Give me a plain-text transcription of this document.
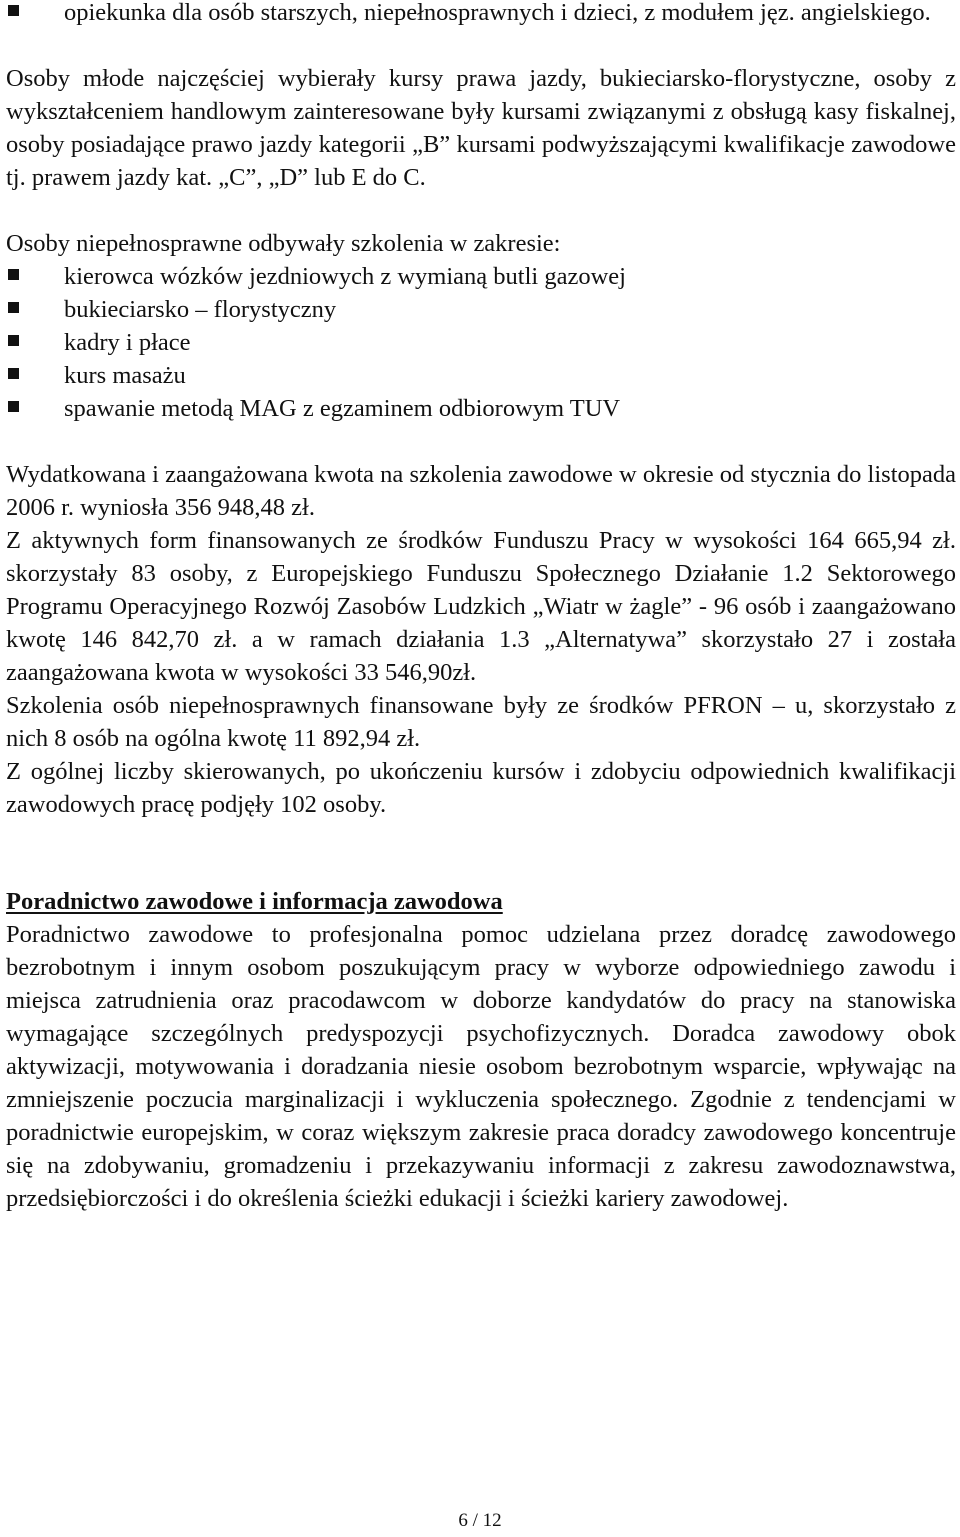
opiekunka dla osób starszych, niepełnosprawnych i dzieci, z modułem jęz. angielskiego.

Osoby młode najczęściej wybierały kursy prawa jazdy, bukieciarsko-florystyczne, osoby z wykształceniem handlowym zainteresowane były kursami związanymi z obsługą kasy fiskalnej, osoby posiadające prawo jazdy kategorii „B” kursami podwyższającymi kwalifikacje zawodowe tj. prawem jazdy kat. „C”, „D” lub E do C.

Osoby niepełnosprawne odbywały szkolenia w zakresie:

kierowca wózków jezdniowych z wymianą butli gazowej
bukieciarsko – florystyczny
kadry i płace
kurs masażu
spawanie metodą MAG z egzaminem odbiorowym TUV

Wydatkowana i zaangażowana kwota na szkolenia zawodowe w okresie od stycznia do listopada 2006 r. wyniosła 356 948,48 zł.

Z aktywnych form finansowanych ze środków Funduszu Pracy w wysokości 164 665,94 zł. skorzystały 83 osoby, z Europejskiego Funduszu Społecznego Działanie 1.2 Sektorowego Programu Operacyjnego Rozwój Zasobów Ludzkich „Wiatr w żagle” - 96 osób i zaangażowano kwotę 146 842,70 zł. a w ramach działania 1.3 „Alternatywa” skorzystało 27 i została zaangażowana kwota w wysokości 33 546,90zł.

Szkolenia osób niepełnosprawnych finansowane były ze środków PFRON – u, skorzystało z nich 8 osób na ogólna kwotę 11 892,94 zł.

Z ogólnej liczby skierowanych, po ukończeniu kursów i zdobyciu odpowiednich kwalifikacji zawodowych pracę podjęły 102 osoby.

Poradnictwo zawodowe i informacja zawodowa

Poradnictwo zawodowe to profesjonalna pomoc udzielana przez doradcę zawodowego bezrobotnym i innym osobom poszukującym pracy w wyborze odpowiedniego zawodu i miejsca zatrudnienia oraz pracodawcom w doborze kandydatów do pracy na stanowiska wymagające szczególnych predyspozycji psychofizycznych. Doradca zawodowy obok aktywizacji, motywowania i doradzania niesie osobom bezrobotnym wsparcie, wpływając na zmniejszenie poczucia marginalizacji i wykluczenia społecznego. Zgodnie z tendencjami w poradnictwie europejskim, w coraz większym zakresie praca doradcy zawodowego koncentruje się na zdobywaniu, gromadzeniu i przekazywaniu informacji z zakresu zawodoznawstwa, przedsiębiorczości i do określenia ścieżki edukacji i ścieżki kariery zawodowej.

6 / 12
